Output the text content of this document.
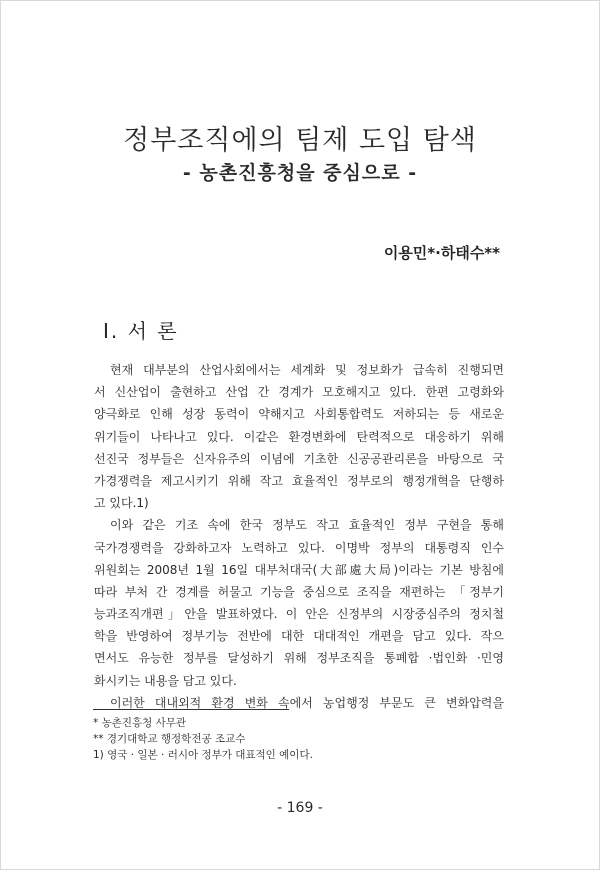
정부조직에의 팀제 도입 탐색
- 농촌진흥청을 중심으로 -
이용민*·하태수**
Ⅰ. 서 론
현재 대부분의 산업사회에서는 세계화 및 정보화가 급속히 진행되면
서 신산업이 출현하고 산업 간 경계가 모호해지고 있다. 한편 고령화와
양극화로 인해 성장 동력이 약해지고 사회통합력도 저하되는 등 새로운
위기들이 나타나고 있다. 이같은 환경변화에 탄력적으로 대응하기 위해
선진국 정부들은 신자유주의 이념에 기초한 신공공관리론을 바탕으로 국
가경쟁력을 제고시키기 위해 작고 효율적인 정부로의 행정개혁을 단행하
고 있다.1)
이와 같은 기조 속에 한국 정부도 작고 효율적인 정부 구현을 통해
국가경쟁력을 강화하고자 노력하고 있다. 이명박 정부의 대통령직 인수
위원회는 2008년 1월 16일 대부처대국(大部處大局)이라는 기본 방침에
따라 부처 간 경계를 허물고 기능을 중심으로 조직을 재편하는 「정부기
능과조직개편」안을 발표하였다. 이 안은 신정부의 시장중심주의 정치철
학을 반영하여 정부기능 전반에 대한 대대적인 개편을 담고 있다. 작으
면서도 유능한 정부를 달성하기 위해 정부조직을 통폐합 ·법인화 ·민영
화시키는 내용을 담고 있다.
이러한 대내외적 환경 변화 속에서 농업행정 부문도 큰 변화압력을
* 농촌진흥청 사무관
** 경기대학교 행정학전공 조교수
1) 영국 · 일본 · 러시아 정부가 대표적인 예이다.
- 169 -
